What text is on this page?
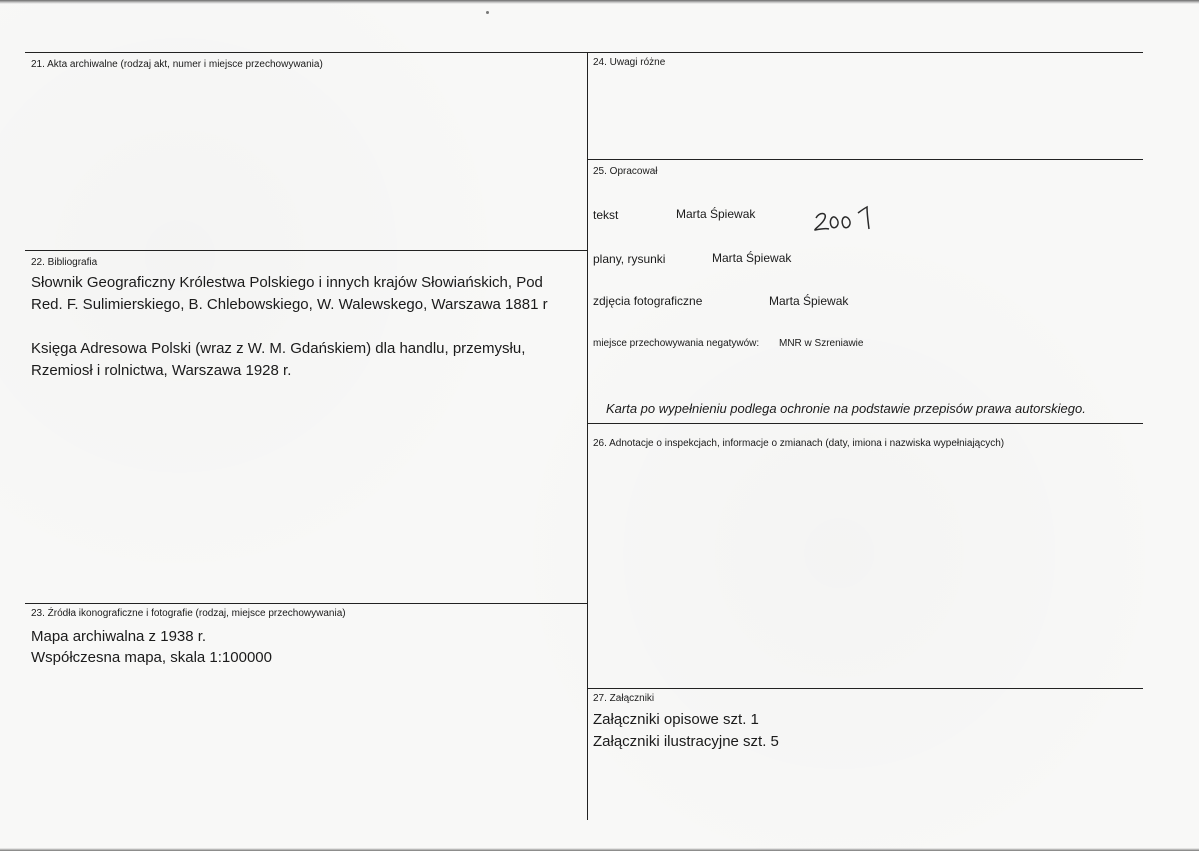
21. Akta archiwalne (rodzaj akt, numer i miejsce przechowywania)
22. Bibliografia
Słownik Geograficzny Królestwa Polskiego i innych krajów Słowiańskich, Pod
Red. F. Sulimierskiego, B. Chlebowskiego, W. Walewskego, Warszawa 1881 r
Księga Adresowa Polski (wraz z W. M. Gdańskiem) dla handlu, przemysłu,
Rzemiosł i rolnictwa, Warszawa 1928 r.
23. Źródła ikonograficzne i fotografie (rodzaj, miejsce przechowywania)
Mapa archiwalna z 1938 r.
Współczesna mapa, skala 1:100000
24. Uwagi różne
25. Opracował
tekst	Marta Śpiewak
plany, rysunki	Marta Śpiewak
zdjęcia fotograficzne	Marta Śpiewak
miejsce przechowywania negatywów: MNR w Szreniawie
Karta po wypełnieniu podlega ochronie na podstawie przepisów prawa autorskiego.
26. Adnotacje o inspekcjach, informacje o zmianach (daty, imiona i nazwiska wypełniających)
27. Załączniki
Załączniki opisowe szt. 1
Załączniki ilustracyjne szt. 5
